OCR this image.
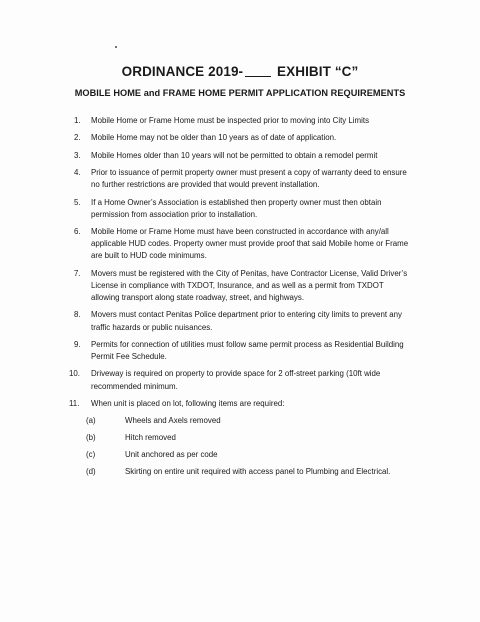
ORDINANCE 2019-	EXHIBIT “C”
MOBILE HOME and FRAME HOME PERMIT APPLICATION REQUIREMENTS
1.	Mobile Home or Frame Home must be inspected prior to moving into City Limits
2.	Mobile Home may not be older than 10 years as of date of application.
3.	Mobile Homes older than 10 years will not be permitted to obtain a remodel permit
4.	Prior to issuance of permit property owner must present a copy of warranty deed to ensure no further restrictions are provided that would prevent installation.
5.	If a Home Owner’s Association is established then property owner must then obtain permission from association prior to installation.
6.	Mobile Home or Frame Home must have been constructed in accordance with any/all applicable HUD codes. Property owner must provide proof that said Mobile home or Frame are built to HUD code minimums.
7.	Movers must be registered with the City of Penitas, have Contractor License, Valid Driver’s License in compliance with TXDOT, Insurance, and as well as a permit from TXDOT allowing transport along state roadway, street, and highways.
8.	Movers must contact Penitas Police department prior to entering city limits to prevent any traffic hazards or public nuisances.
9.	Permits for connection of utilities must follow same permit process as Residential Building Permit Fee Schedule.
10.	Driveway is required on property to provide space for 2 off-street parking (10ft wide recommended minimum.
11.	When unit is placed on lot, following items are required:
(a)	Wheels and Axels removed
(b)	Hitch removed
(c)	Unit anchored as per code
(d)	Skirting on entire unit required with access panel to Plumbing and Electrical.
